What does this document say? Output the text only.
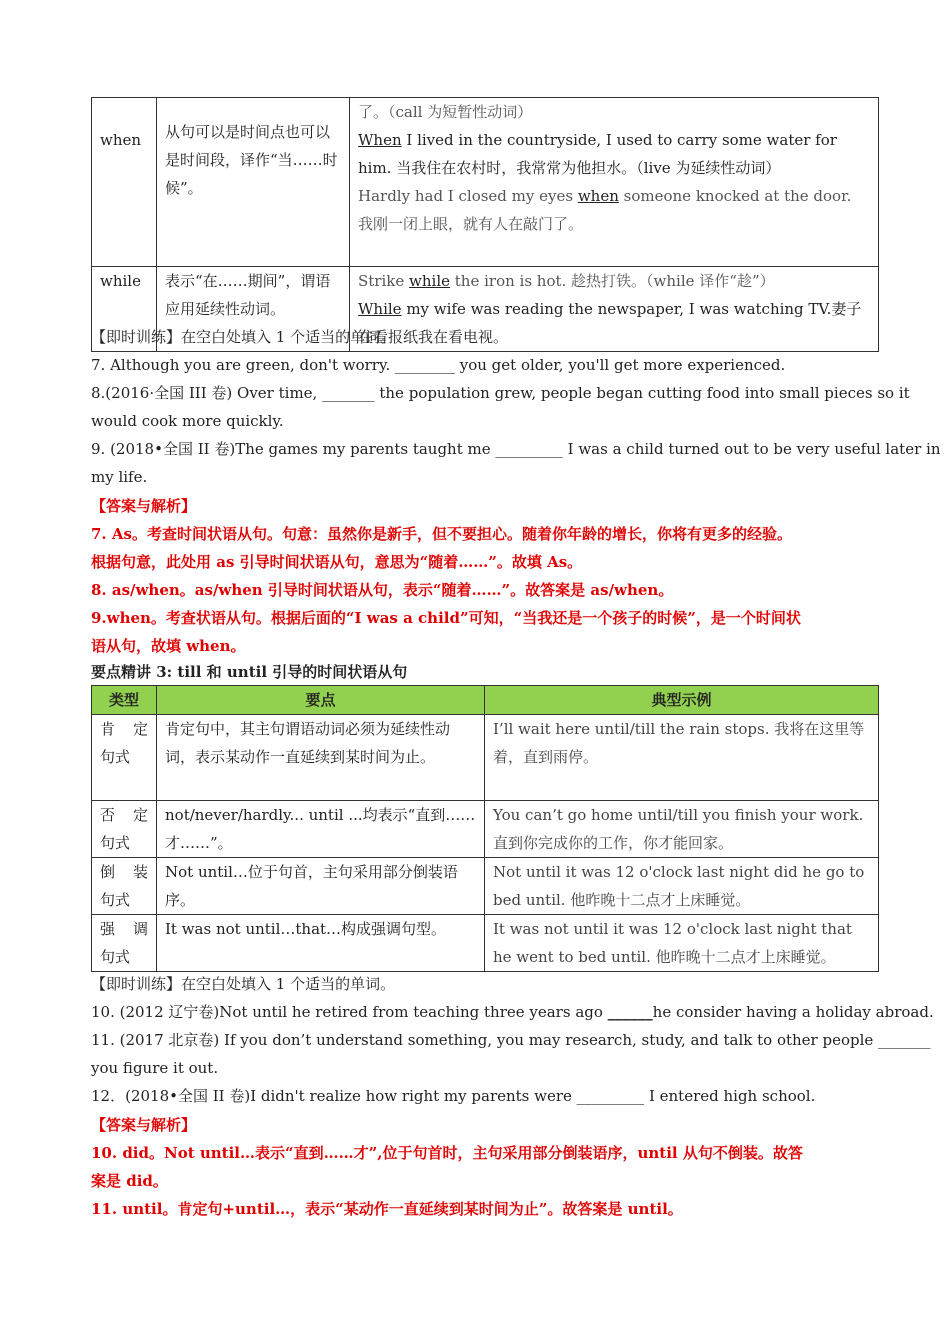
when	从句可以是时间点也可以是时间段，译作“当……时候”。	了。（call 为短暂性动词）
When I lived in the countryside, I used to carry some water for him. 当我住在农村时，我常常为他担水。（live 为延续性动词）
Hardly had I closed my eyes when someone knocked at the door. 我刚一闭上眼，就有人在敲门了。

while	表示“在……期间”，谓语应用延续性动词。	Strike while the iron is hot. 趁热打铁。（while 译作“趁”）
While my wife was reading the newspaper, I was watching TV.妻子在看报纸我在看电视。
【即时训练】在空白处填入 1 个适当的单词。
7. Although you are green, don't worry. ________ you get older, you'll get more experienced.
8.(2016·全国 III 卷) Over time, _______ the population grew, people began cutting food into small pieces so it
would cook more quickly.
9. (2018•全国 II 卷)The games my parents taught me _________ I was a child turned out to be very useful later in
my life.
【答案与解析】
7. As。考查时间状语从句。句意：虽然你是新手，但不要担心。随着你年龄的增长，你将有更多的经验。
根据句意，此处用 as 引导时间状语从句，意思为“随着……”。故填 As。
8. as/when。as/when 引导时间状语从句，表示“随着……”。故答案是 as/when。
9.when。考查状语从句。根据后面的“I was a child”可知，“当我还是一个孩子的时候”，是一个时间状
语从句，故填 when。
要点精讲 3: till 和 until 引导的时间状语从句
类型	要点	典型示例

肯定
句式	肯定句中，其主句谓语动词必须为延续性动词，表示某动作一直延续到某时间为止。	I’ll wait here until/till the rain stops. 我将在这里等着，直到雨停。

否定
句式	not/never/hardly... until ...均表示“直到……才……”。	You can’t go home until/till you finish your work.直到你完成你的工作，你才能回家。

倒装
句式	Not until…位于句首，主句采用部分倒装语序。	Not until it was 12 o'clock last night did he go to bed until. 他昨晚十二点才上床睡觉。

强调
句式	It was not until…that…构成强调句型。	It was not until it was 12 o'clock last night that he went to bed until. 他昨晚十二点才上床睡觉。
【即时训练】在空白处填入 1 个适当的单词。
10. (2012 辽宁卷)Not until he retired from teaching three years ago ______he consider having a holiday abroad.
11. (2017 北京卷) If you don’t understand something, you may research, study, and talk to other people _______
you figure it out.
12．(2018•全国 II 卷)I didn't realize how right my parents were _________ I entered high school.
【答案与解析】
10. did。Not until…表示“直到……才”,位于句首时，主句采用部分倒装语序，until 从句不倒装。故答
案是 did。
11. until。肯定句+until…，表示“某动作一直延续到某时间为止”。故答案是 until。
